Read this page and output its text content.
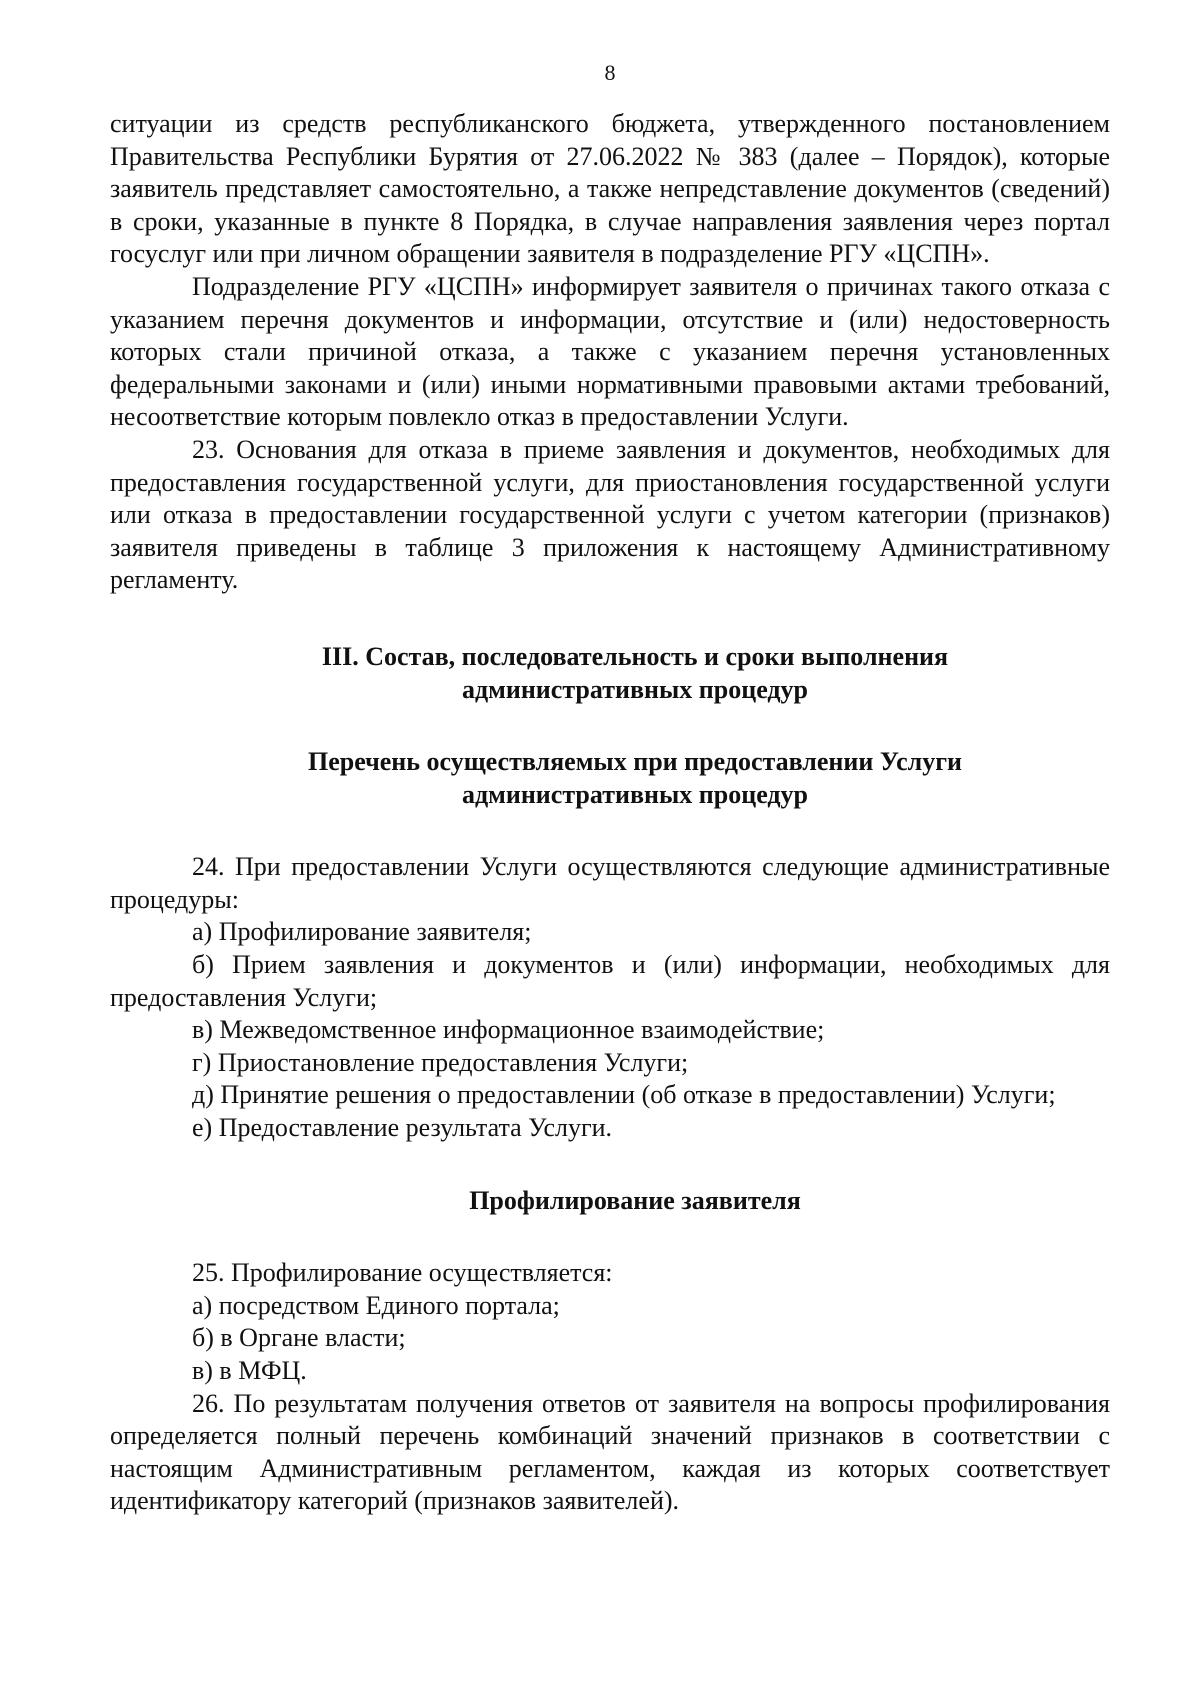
8

ситуации из средств республиканского бюджета, утвержденного постановлением Правительства Республики Бурятия от 27.06.2022 № 383 (далее – Порядок), которые заявитель представляет самостоятельно, а также непредставление документов (сведений) в сроки, указанные в пункте 8 Порядка, в случае направления заявления через портал госуслуг или при личном обращении заявителя в подразделение РГУ «ЦСПН».

Подразделение РГУ «ЦСПН» информирует заявителя о причинах такого отказа с указанием перечня документов и информации, отсутствие и (или) недостоверность которых стали причиной отказа, а также с указанием перечня установленных федеральными законами и (или) иными нормативными правовыми актами требований, несоответствие которым повлекло отказ в предоставлении Услуги.

23. Основания для отказа в приеме заявления и документов, необходимых для предоставления государственной услуги, для приостановления государственной услуги или отказа в предоставлении государственной услуги с учетом категории (признаков) заявителя приведены в таблице 3 приложения к настоящему Административному регламенту.

III. Состав, последовательность и сроки выполнения

административных процедур

Перечень осуществляемых при предоставлении Услуги

административных процедур

24. При предоставлении Услуги осуществляются следующие административные процедуры:

а) Профилирование заявителя;

б) Прием заявления и документов и (или) информации, необходимых для предоставления Услуги;

в) Межведомственное информационное взаимодействие;

г) Приостановление предоставления Услуги;

д) Принятие решения о предоставлении (об отказе в предоставлении) Услуги;

е) Предоставление результата Услуги.

Профилирование заявителя

25. Профилирование осуществляется:

а) посредством Единого портала;

б) в Органе власти;

в) в МФЦ.

26. По результатам получения ответов от заявителя на вопросы профилирования определяется полный перечень комбинаций значений признаков в соответствии с настоящим Административным регламентом, каждая из которых соответствует идентификатору категорий (признаков заявителей).
